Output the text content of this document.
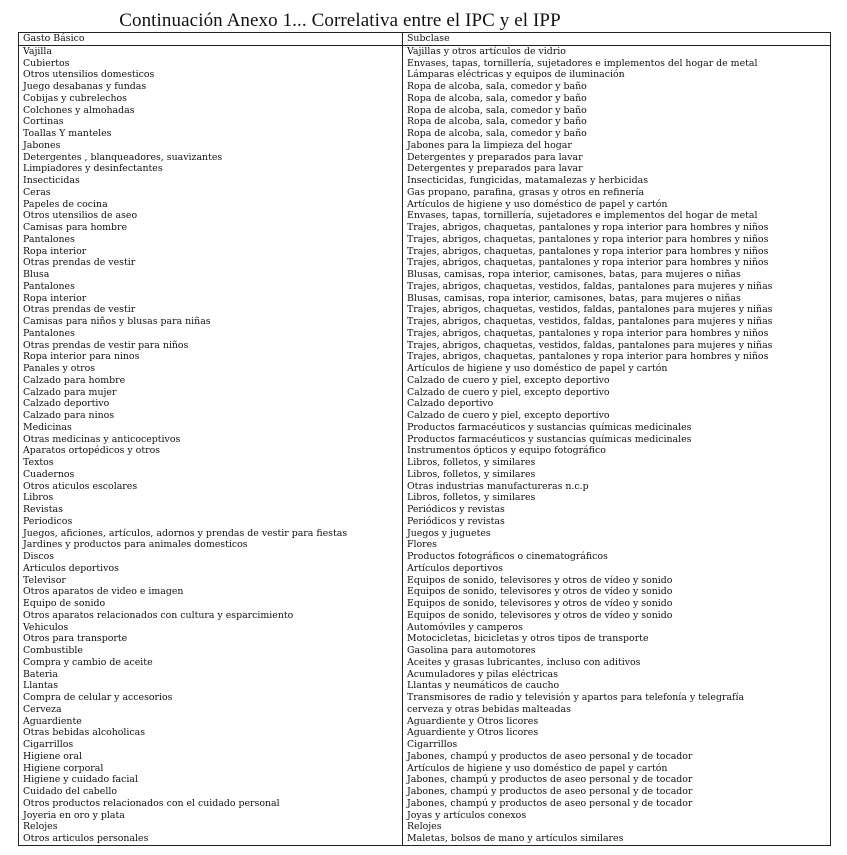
Continuación Anexo 1... Correlativa entre el IPC y el IPP
Gasto Básico	Subclase
Vajilla	Vajillas y otros artículos de vidrio
Cubiertos	Envases, tapas, tornillería, sujetadores e implementos del hogar de metal
Otros utensilios domesticos	Lámparas eléctricas y equipos de iluminación
Juego desabanas y fundas	Ropa de alcoba, sala, comedor y baño
Cobijas y cubrelechos	Ropa de alcoba, sala, comedor y baño
Colchones y almohadas	Ropa de alcoba, sala, comedor y baño
Cortinas	Ropa de alcoba, sala, comedor y baño
Toallas Y manteles	Ropa de alcoba, sala, comedor y baño
Jabones	Jabones para la limpieza del hogar
Detergentes , blanqueadores, suavizantes	Detergentes y preparados para lavar
Limpiadores y desinfectantes	Detergentes y preparados para lavar
Insecticidas	Insecticidas, fungicidas, matamalezas y herbicidas
Ceras	Gas propano, parafina, grasas y otros en refinería
Papeles de cocina	Artículos de higiene y uso doméstico de papel y cartón
Otros utensilios de aseo	Envases, tapas, tornillería, sujetadores e implementos del hogar de metal
Camisas para hombre	Trajes, abrigos, chaquetas, pantalones y ropa interior para hombres y niños
Pantalones	Trajes, abrigos, chaquetas, pantalones y ropa interior para hombres y niños
Ropa interior	Trajes, abrigos, chaquetas, pantalones y ropa interior para hombres y niños
Otras prendas de vestir	Trajes, abrigos, chaquetas, pantalones y ropa interior para hombres y niños
Blusa	Blusas, camisas, ropa interior, camisones, batas, para mujeres o niñas
Pantalones	Trajes, abrigos, chaquetas, vestidos, faldas, pantalones para mujeres y niñas
Ropa interior	Blusas, camisas, ropa interior, camisones, batas, para mujeres o niñas
Otras prendas de vestir	Trajes, abrigos, chaquetas, vestidos, faldas, pantalones para mujeres y niñas
Camisas para niños y blusas para niñas	Trajes, abrigos, chaquetas, vestidos, faldas, pantalones para mujeres y niñas
Pantalones	Trajes, abrigos, chaquetas, pantalones y ropa interior para hombres y niños
Otras prendas de vestir para niños	Trajes, abrigos, chaquetas, vestidos, faldas, pantalones para mujeres y niñas
Ropa interior para ninos	Trajes, abrigos, chaquetas, pantalones y ropa interior para hombres y niños
Panales y otros	Artículos de higiene y uso doméstico de papel y cartón
Calzado para hombre	Calzado de cuero y piel, excepto deportivo
Calzado para mujer	Calzado de cuero y piel, excepto deportivo
Calzado deportivo	Calzado deportivo
Calzado para ninos	Calzado de cuero y piel, excepto deportivo
Medicinas	Productos farmacéuticos y sustancias químicas medicinales
Otras medicinas y anticoceptivos	Productos farmacéuticos y sustancias químicas medicinales
Aparatos ortopédicos y otros	Instrumentos ópticos y equipo fotográfico
Textos	Libros, folletos, y similares
Cuadernos	Libros, folletos, y similares
Otros aticulos escolares	Otras industrias manufactureras n.c.p
Libros	Libros, folletos, y similares
Revistas	Periódicos y revistas
Periodicos	Periódicos y revistas
Juegos, aficiones, artículos, adornos y prendas de vestir para fiestas	Juegos y juguetes
Jardines y productos para animales domesticos	Flores
Discos	Productos fotográficos o cinematográficos
Articulos deportivos	Artículos deportivos
Televisor	Equipos de sonido, televisores y otros de vídeo y sonido
Otros aparatos de video e imagen	Equipos de sonido, televisores y otros de vídeo y sonido
Equipo de sonido	Equipos de sonido, televisores y otros de vídeo y sonido
Otros aparatos relacionados con cultura y esparcimiento	Equipos de sonido, televisores y otros de vídeo y sonido
Vehiculos	Automóviles y camperos
Otros para transporte	Motocicletas, bicicletas y otros tipos de transporte
Combustible	Gasolina para automotores
Compra y cambio de aceite	Aceites y grasas lubricantes, incluso con aditivos
Bateria	Acumuladores y pilas eléctricas
Llantas	Llantas y neumáticos de caucho
Compra de celular y accesorios	Transmisores de radio y televisión y apartos para telefonía y telegrafía
Cerveza	cerveza y otras bebidas malteadas
Aguardiente	Aguardiente y Otros licores
Otras bebidas alcoholicas	Aguardiente y Otros licores
Cigarrillos	Cigarrillos
Higiene oral	Jabones, champú y productos de aseo personal y de tocador
Higiene corporal	Artículos de higiene y uso doméstico de papel y cartón
Higiene y cuidado facial	Jabones, champú y productos de aseo personal y de tocador
Cuidado del cabello	Jabones, champú y productos de aseo personal y de tocador
Otros productos relacionados con el cuidado personal	Jabones, champú y productos de aseo personal y de tocador
Joyeria en oro y plata	Joyas y artículos conexos
Relojes	Relojes
Otros articulos personales	Maletas, bolsos de mano y artículos similares
